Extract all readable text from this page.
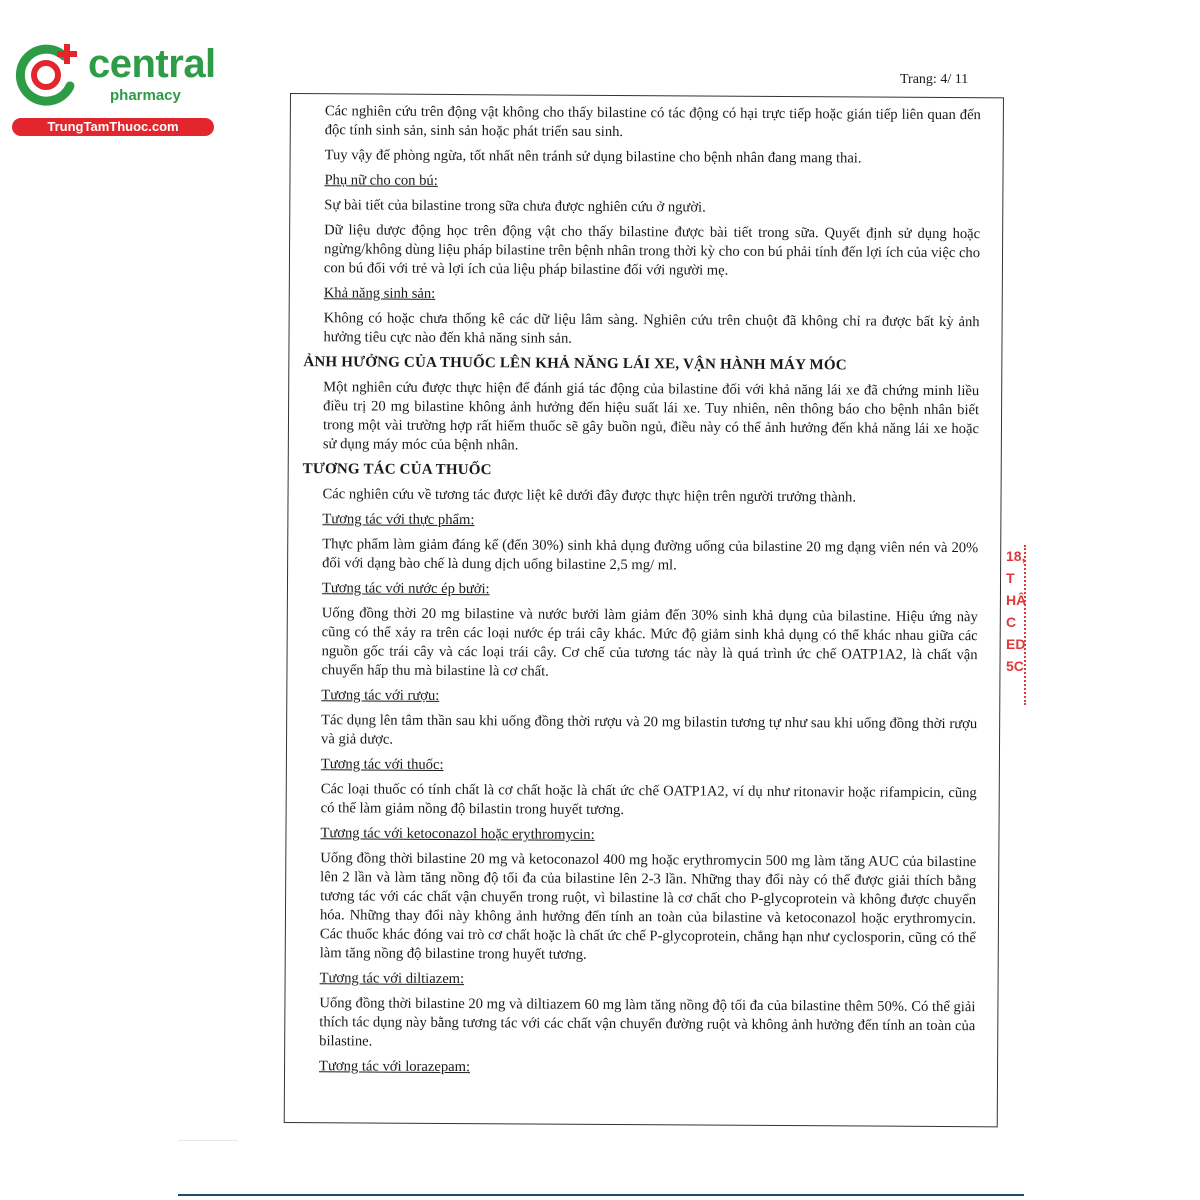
central
pharmacy
TrungTamThuoc.com
Trang: 4/ 11

Các nghiên cứu trên động vật không cho thấy bilastine có tác động có hại trực tiếp hoặc gián tiếp liên quan đến độc tính sinh sản, sinh sản hoặc phát triển sau sinh.

Tuy vậy để phòng ngừa, tốt nhất nên tránh sử dụng bilastine cho bệnh nhân đang mang thai.

Phụ nữ cho con bú:

Sự bài tiết của bilastine trong sữa chưa được nghiên cứu ở người.

Dữ liệu dược động học trên động vật cho thấy bilastine được bài tiết trong sữa. Quyết định sử dụng hoặc ngừng/không dùng liệu pháp bilastine trên bệnh nhân trong thời kỳ cho con bú phải tính đến lợi ích của việc cho con bú đối với trẻ và lợi ích của liệu pháp bilastine đối với người mẹ.

Khả năng sinh sản:

Không có hoặc chưa thống kê các dữ liệu lâm sàng. Nghiên cứu trên chuột đã không chỉ ra được bất kỳ ảnh hưởng tiêu cực nào đến khả năng sinh sản.

ẢNH HƯỞNG CỦA THUỐC LÊN KHẢ NĂNG LÁI XE, VẬN HÀNH MÁY MÓC

Một nghiên cứu được thực hiện để đánh giá tác động của bilastine đối với khả năng lái xe đã chứng minh liều điều trị 20 mg bilastine không ảnh hưởng đến hiệu suất lái xe. Tuy nhiên, nên thông báo cho bệnh nhân biết trong một vài trường hợp rất hiếm thuốc sẽ gây buồn ngủ, điều này có thể ảnh hưởng đến khả năng lái xe hoặc sử dụng máy móc của bệnh nhân.

TƯƠNG TÁC CỦA THUỐC

Các nghiên cứu về tương tác được liệt kê dưới đây được thực hiện trên người trưởng thành.

Tương tác với thực phẩm:

Thực phẩm làm giảm đáng kể (đến 30%) sinh khả dụng đường uống của bilastine 20 mg dạng viên nén và 20% đối với dạng bào chế là dung dịch uống bilastine 2,5 mg/ ml.

Tương tác với nước ép bưởi:

Uống đồng thời 20 mg bilastine và nước bưởi làm giảm đến 30% sinh khả dụng của bilastine. Hiệu ứng này cũng có thể xảy ra trên các loại nước ép trái cây khác. Mức độ giảm sinh khả dụng có thể khác nhau giữa các nguồn gốc trái cây và các loại trái cây. Cơ chế của tương tác này là quá trình ức chế OATP1A2, là chất vận chuyển hấp thu mà bilastine là cơ chất.

Tương tác với rượu:

Tác dụng lên tâm thần sau khi uống đồng thời rượu và 20 mg bilastin tương tự như sau khi uống đồng thời rượu và giả dược.

Tương tác với thuốc:

Các loại thuốc có tính chất là cơ chất hoặc là chất ức chế OATP1A2, ví dụ như ritonavir hoặc rifampicin, cũng có thể làm giảm nồng độ bilastin trong huyết tương.

Tương tác với ketoconazol hoặc erythromycin:

Uống đồng thời bilastine 20 mg và ketoconazol 400 mg hoặc erythromycin 500 mg làm tăng AUC của bilastine lên 2 lần và làm tăng nồng độ tối đa của bilastine lên 2-3 lần. Những thay đổi này có thể được giải thích bằng tương tác với các chất vận chuyển trong ruột, vì bilastine là cơ chất cho P-glycoprotein và không được chuyển hóa. Những thay đổi này không ảnh hưởng đến tính an toàn của bilastine và ketoconazol hoặc erythromycin. Các thuốc khác đóng vai trò cơ chất hoặc là chất ức chế P-glycoprotein, chẳng hạn như cyclosporin, cũng có thể làm tăng nồng độ bilastine trong huyết tương.

Tương tác với diltiazem:

Uống đồng thời bilastine 20 mg và diltiazem 60 mg làm tăng nồng độ tối đa của bilastine thêm 50%. Có thể giải thích tác dụng này bằng tương tác với các chất vận chuyển đường ruột và không ảnh hưởng đến tính an toàn của bilastine.

Tương tác với lorazepam:
18,
T
HÂ
C
ED
5C
